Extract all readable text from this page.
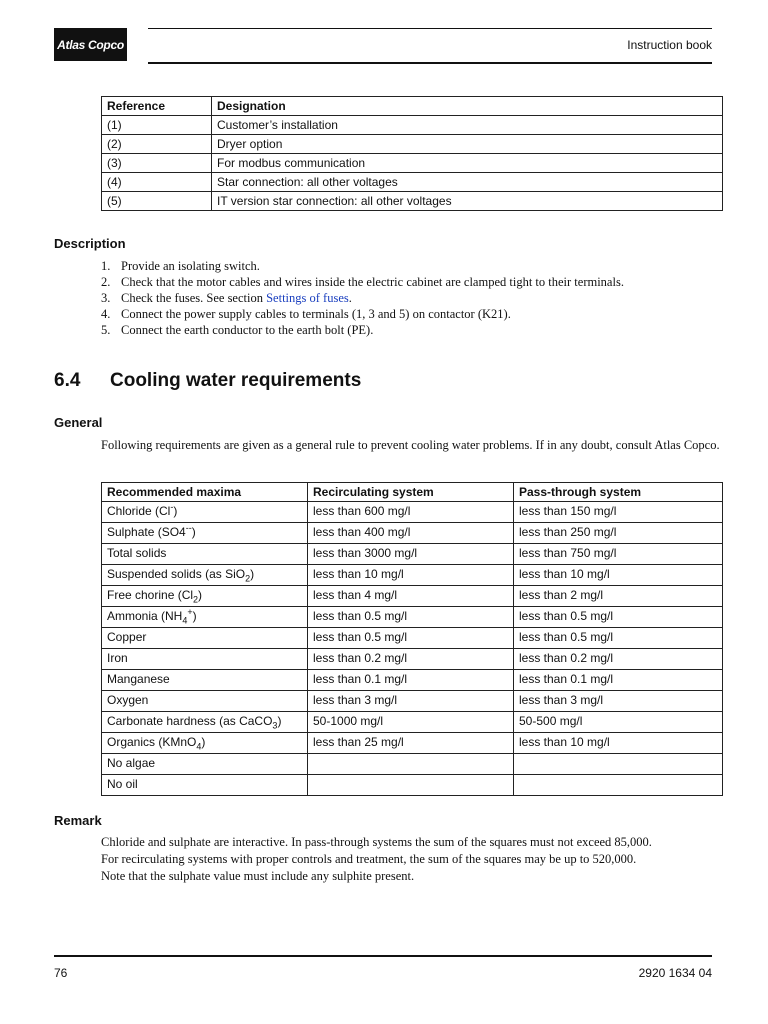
Atlas Copco	Instruction book
Reference	Designation
(1)	Customer’s installation
(2)	Dryer option
(3)	For modbus communication
(4)	Star connection: all other voltages
(5)	IT version star connection: all other voltages
Description
1. Provide an isolating switch.
2. Check that the motor cables and wires inside the electric cabinet are clamped tight to their terminals.
3. Check the fuses. See section Settings of fuses.
4. Connect the power supply cables to terminals (1, 3 and 5) on contactor (K21).
5. Connect the earth conductor to the earth bolt (PE).
6.4 Cooling water requirements
General
Following requirements are given as a general rule to prevent cooling water problems. If in any doubt, consult Atlas Copco.
Recommended maxima	Recirculating system	Pass-through system
Chloride (Cl-)	less than 600 mg/l	less than 150 mg/l
Sulphate (SO4--)	less than 400 mg/l	less than 250 mg/l
Total solids	less than 3000 mg/l	less than 750 mg/l
Suspended solids (as SiO$_2$)	less than 10 mg/l	less than 10 mg/l
Free chorine $(Cl_2)$	less than 4 mg/l	less than 2 mg/l
Ammonia $(NH_4^+)$	less than 0.5 mg/l	less than 0.5 mg/l
Copper	less than 0.5 mg/l	less than 0.5 mg/l
Iron	less than 0.2 mg/l	less than 0.2 mg/l
Manganese	less than 0.1 mg/l	less than 0.1 mg/l
Oxygen	less than 3 mg/l	less than 3 mg/l
Carbonate hardness (as CaCO$_3$)	50-1000 mg/l	50-500 mg/l
Organics (KMnO$_4$)	less than 25 mg/l	less than 10 mg/l
No algae		
No oil		
Remark
Chloride and sulphate are interactive. In pass-through systems the sum of the squares must not exceed 85,000.
For recirculating systems with proper controls and treatment, the sum of the squares may be up to 520,000.
Note that the sulphate value must include any sulphite present.
76	2920 1634 04
